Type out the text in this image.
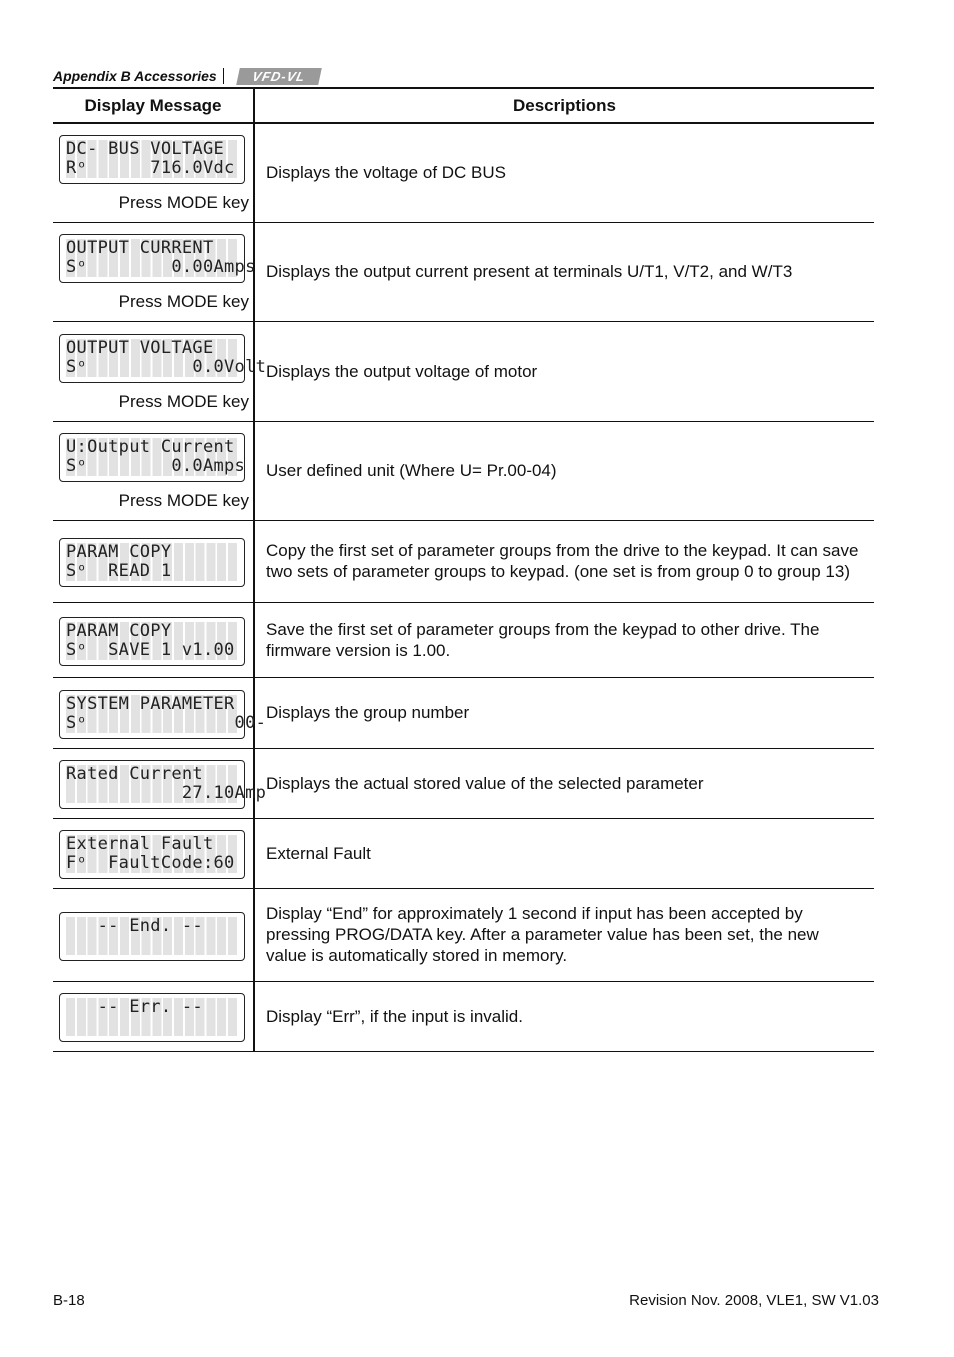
Appendix B Accessories	VFD-VL
Display Message	Descriptions

DC- BUS VOLTAGE
Rᵒ      716.0Vdc
Press MODE key	Displays the voltage of DC BUS

OUTPUT CURRENT
Sᵒ        0.00Amps
Press MODE key	Displays the output current present at terminals U/T1, V/T2, and W/T3

OUTPUT VOLTAGE
Sᵒ          0.0Volt
Press MODE key	Displays the output voltage of motor

U:Output Current
Sᵒ        0.0Amps
Press MODE key	User defined unit (Where U= Pr.00-04)

PARAM COPY
Sᵒ  READ 1	Copy the first set of parameter groups from the drive to the keypad. It can save two sets of parameter groups to keypad. (one set is from group 0 to group 13)

PARAM COPY
Sᵒ  SAVE 1 v1.00	Save the first set of parameter groups from the keypad to other drive. The firmware version is 1.00.

SYSTEM PARAMETER
Sᵒ              00-	Displays the group number

Rated Current
27.10Amp	Displays the actual stored value of the selected parameter

External Fault
Fᵒ  FaultCode:60	External Fault

-- End. --	Display “End” for approximately 1 second if input has been accepted by pressing PROG/DATA key. After a parameter value has been set, the new value is automatically stored in memory.

-- Err. --	Display “Err”, if the input is invalid.
B-18	Revision Nov. 2008, VLE1, SW V1.03
